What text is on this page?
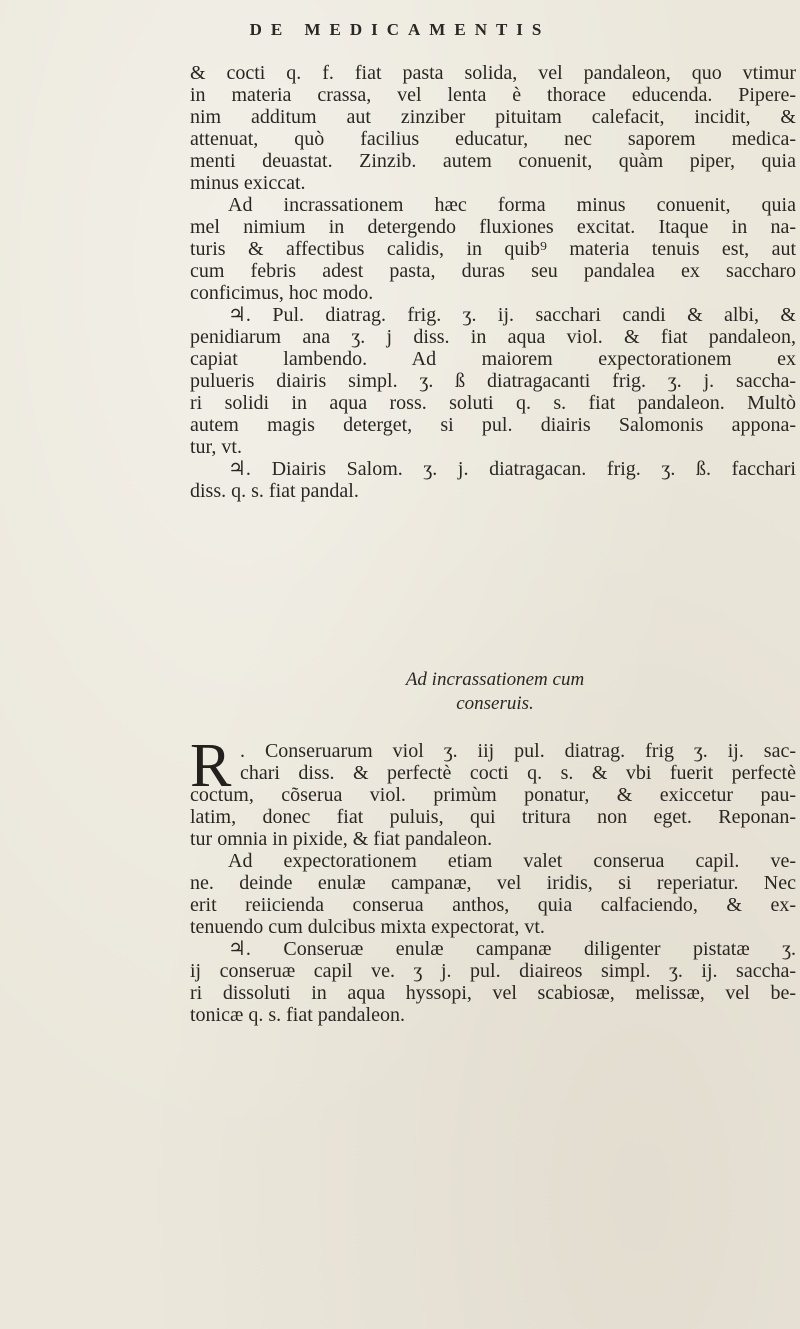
DE MEDICAMENTIS
& cocti q. f. fiat pasta solida, vel pandaleon, quo vtimur
in materia crassa, vel lenta è thorace educenda. Pipere-
nim additum aut zinziber pituitam calefacit, incidit, &
attenuat, quò facilius educatur, nec saporem medica-
menti deuastat. Zinzib. autem conuenit, quàm piper, quia
minus exiccat.
Ad incrassationem hæc forma minus conuenit, quia
mel nimium in detergendo fluxiones excitat. Itaque in na-
turis & affectibus calidis, in quib⁹ materia tenuis est, aut
cum febris adest pasta, duras seu pandalea ex saccharo
conficimus, hoc modo.
♃. Pul. diatrag. frig. ʒ. ij. sacchari candi & albi, &
penidiarum ana ʒ. j diss. in aqua viol. & fiat pandaleon,
capiat lambendo. Ad maiorem expectorationem ex
pulueris diairis simpl. ʒ. ß diatragacanti frig. ʒ. j. saccha-
ri solidi in aqua ross. soluti q. s. fiat pandaleon. Multò
autem magis deterget, si pul. diairis Salomonis appona-
tur, vt.
♃. Diairis Salom. ʒ. j. diatragacan. frig. ʒ. ß. facchari
diss. q. s. fiat pandal.
Ad incrassationem cum
conseruis.
R . Conseruarum viol ʒ. iij pul. diatrag. frig ʒ. ij. sac-
chari diss. & perfectè cocti q. s. & vbi fuerit perfectè
coctum, cõserua viol. primùm ponatur, & exiccetur pau-
latim, donec fiat puluis, qui tritura non eget. Reponan-
tur omnia in pixide, & fiat pandaleon.
Ad expectorationem etiam valet conserua capil. ve-
ne. deinde enulæ campanæ, vel iridis, si reperiatur. Nec
erit reiicienda conserua anthos, quia calfaciendo, & ex-
tenuendo cum dulcibus mixta expectorat, vt.
♃. Conseruæ enulæ campanæ diligenter pistatæ ʒ.
ij conseruæ capil ve. ʒ j. pul. diaireos simpl. ʒ. ij. saccha-
ri dissoluti in aqua hyssopi, vel scabiosæ, melissæ, vel be-
tonicæ q. s. fiat pandaleon.
